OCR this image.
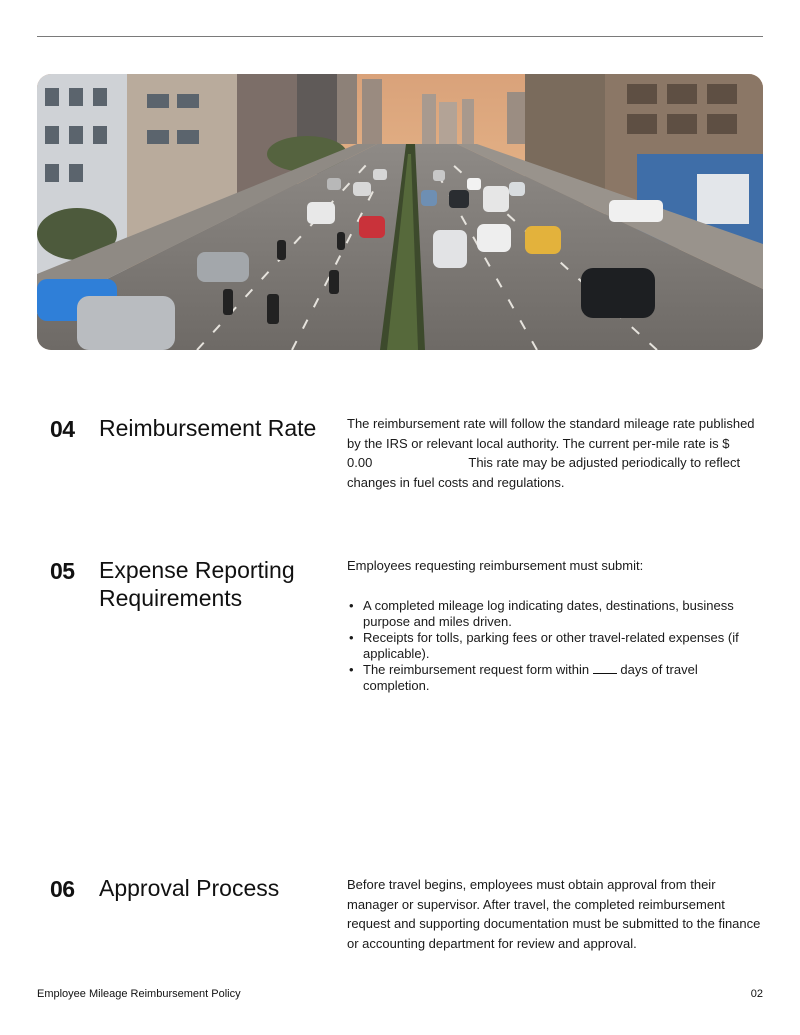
04 Reimbursement Rate	The reimbursement rate will follow the standard mileage rate published by the IRS or relevant local authority. The current per-mile rate is $0.00	This rate may be adjusted periodically to reflect changes in fuel costs and regulations.
05 Expense Reporting Requirements
Employees requesting reimbursement must submit:
• A completed mileage log indicating dates, destinations, business purpose and miles driven.
• Receipts for tolls, parking fees or other travel-related expenses (if applicable).
• The reimbursement request form within days of travel completion.
06 Approval Process	Before travel begins, employees must obtain approval from their manager or supervisor. After travel, the completed reimbursement request and supporting documentation must be submitted to the finance or accounting department for review and approval.
Employee Mileage Reimbursement Policy	02
